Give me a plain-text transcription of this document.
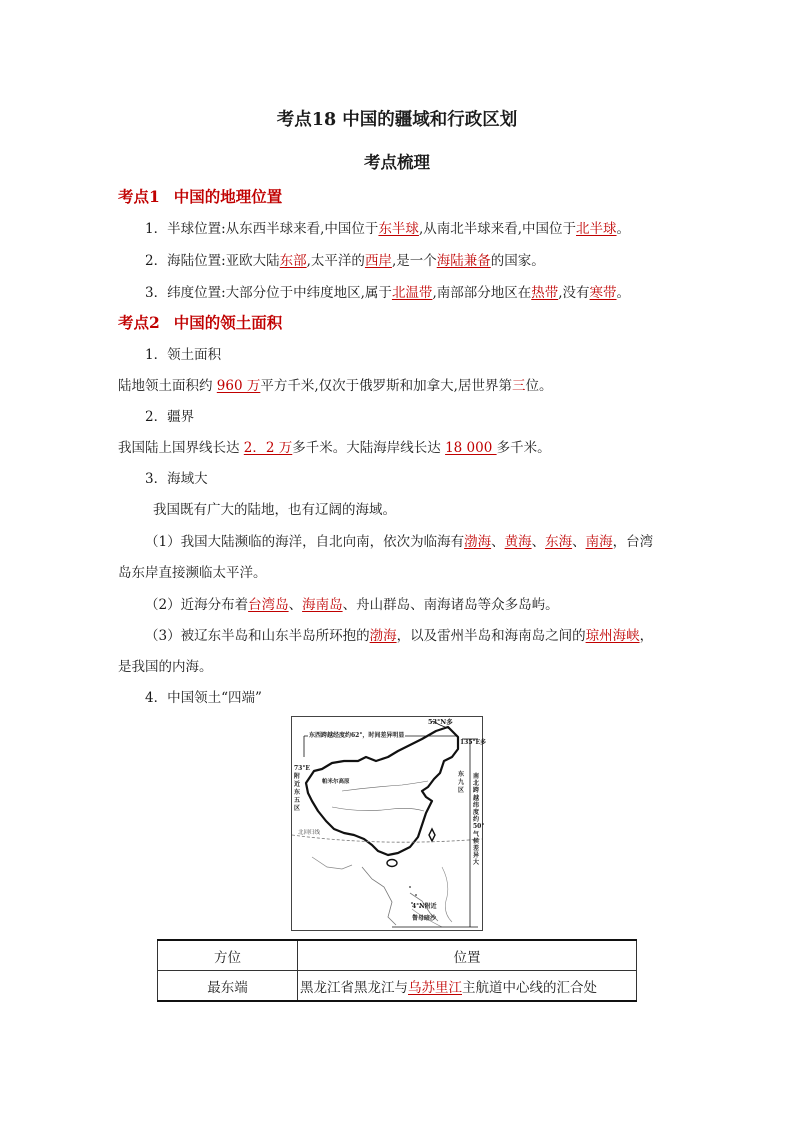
考点18 中国的疆域和行政区划
考点梳理
考点1 中国的地理位置
1．半球位置:从东西半球来看,中国位于东半球,从南北半球来看,中国位于北半球。
2．海陆位置:亚欧大陆东部,太平洋的西岸,是一个海陆兼备的国家。
3．纬度位置:大部分位于中纬度地区,属于北温带,南部部分地区在热带,没有寒带。
考点2 中国的领土面积
1．领土面积
陆地领土面积约 960 万平方千米,仅次于俄罗斯和加拿大,居世界第三位。
2．疆界
我国陆上国界线长达 2．2 万多千米。大陆海岸线长达 18 000 多千米。
3．海域大
我国既有广大的陆地，也有辽阔的海域。
（1）我国大陆濒临的海洋，自北向南，依次为临海有渤海、黄海、东海、南海，台湾
岛东岸直接濒临太平洋。
（2）近海分布着台湾岛、海南岛、舟山群岛、南海诸岛等众多岛屿。
（3）被辽东半岛和山东半岛所环抱的渤海，以及雷州半岛和海南岛之间的琼州海峡，
是我国的内海。
4．中国领土“四端”
53°N多
东西跨越经度约62°，时间差异明显
135°E多
73°E 附近 东五区
帕米尔高原
北回归线
东九区
南北跨越纬度约50°气候差异大
4°N附近
曾母暗沙
方位	位置
最东端	黑龙江省黑龙江与乌苏里江主航道中心线的汇合处
